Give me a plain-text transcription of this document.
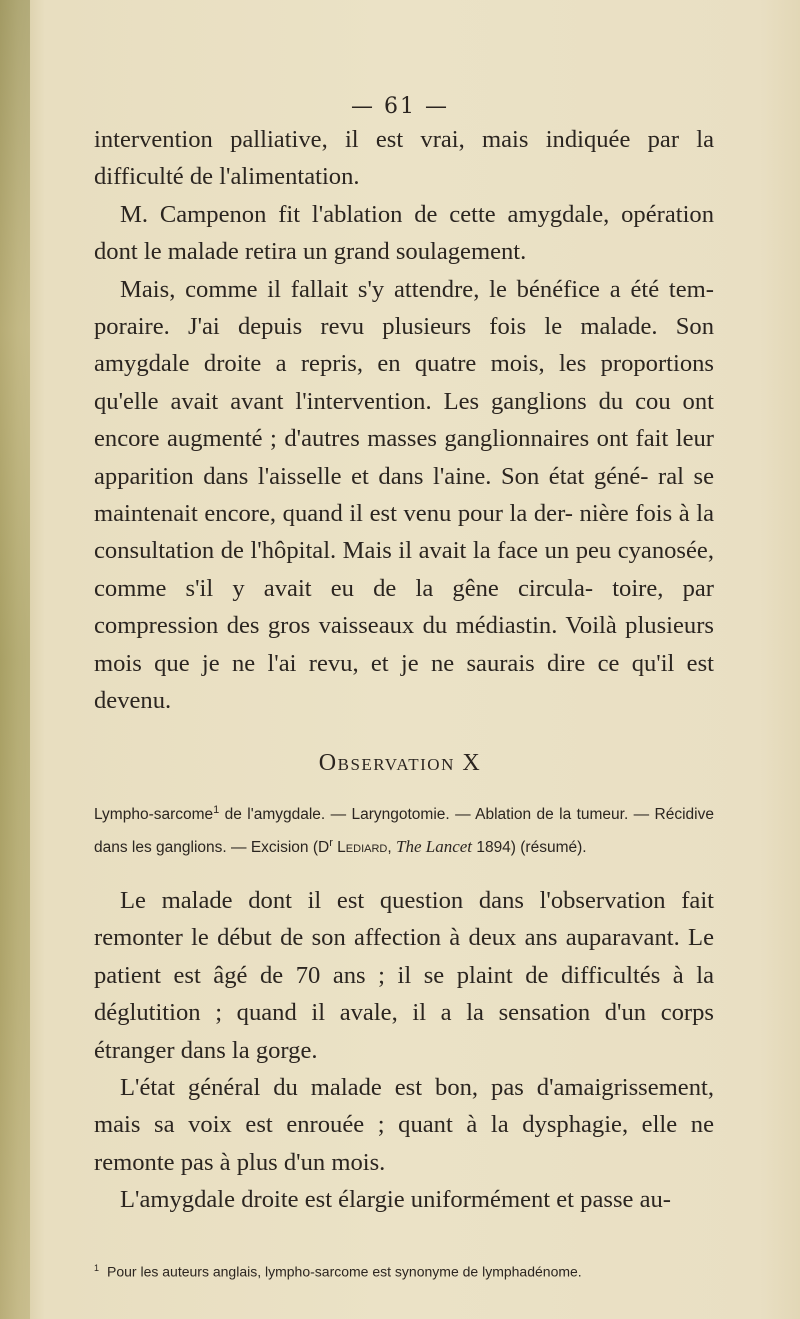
— 61 —

intervention palliative, il est vrai, mais indiquée par la difficulté de l'alimentation.

M. Campenon fit l'ablation de cette amygdale, opération dont le malade retira un grand soulagement.

Mais, comme il fallait s'y attendre, le bénéfice a été tem- poraire. J'ai depuis revu plusieurs fois le malade. Son amygdale droite a repris, en quatre mois, les proportions qu'elle avait avant l'intervention. Les ganglions du cou ont encore augmenté ; d'autres masses ganglionnaires ont fait leur apparition dans l'aisselle et dans l'aine. Son état géné- ral se maintenait encore, quand il est venu pour la der- nière fois à la consultation de l'hôpital. Mais il avait la face un peu cyanosée, comme s'il y avait eu de la gêne circula- toire, par compression des gros vaisseaux du médiastin. Voilà plusieurs mois que je ne l'ai revu, et je ne saurais dire ce qu'il est devenu.

Observation X
Lympho-sarcome$^1$ de l'amygdale. — Laryngotomie. — Ablation de la tumeur. — Récidive dans les ganglions. — Excision ($D^r$ Lediard, The Lancet 1894) (résumé).

Le malade dont il est question dans l'observation fait remonter le début de son affection à deux ans auparavant. Le patient est âgé de 70 ans ; il se plaint de difficultés à la déglutition ; quand il avale, il a la sensation d'un corps étranger dans la gorge.

L'état général du malade est bon, pas d'amaigrissement, mais sa voix est enrouée ; quant à la dysphagie, elle ne remonte pas à plus d'un mois.

L'amygdale droite est élargie uniformément et passe au-

$^1$ Pour les auteurs anglais, lympho-sarcome est synonyme de lymphadénome.
